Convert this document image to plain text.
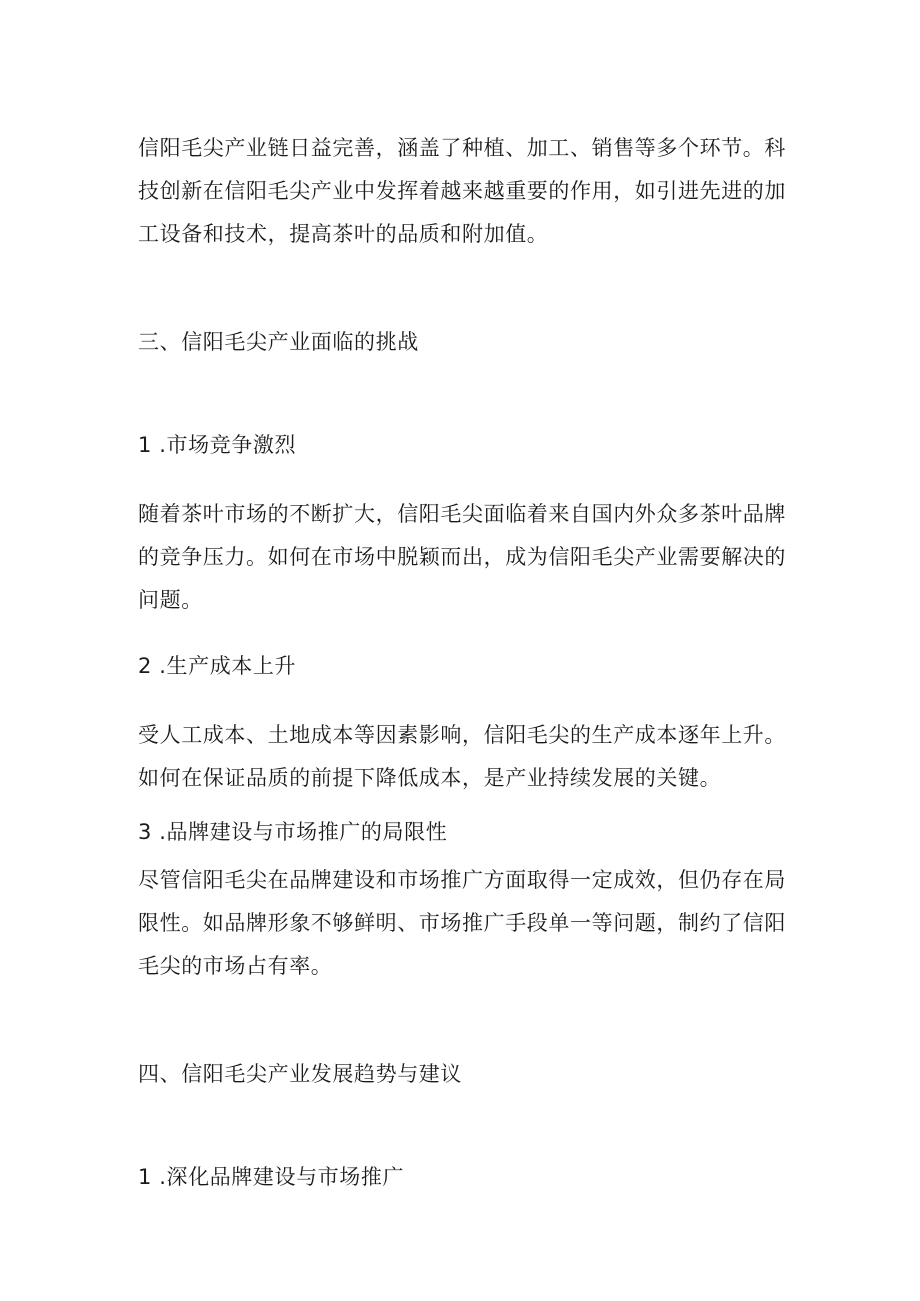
信阳毛尖产业链日益完善，涵盖了种植、加工、销售等多个环节。科
技创新在信阳毛尖产业中发挥着越来越重要的作用，如引进先进的加
工设备和技术，提高茶叶的品质和附加值。

三、信阳毛尖产业面临的挑战

1 .市场竞争激烈

随着茶叶市场的不断扩大，信阳毛尖面临着来自国内外众多茶叶品牌
的竞争压力。如何在市场中脱颖而出，成为信阳毛尖产业需要解决的
问题。

2 .生产成本上升

受人工成本、土地成本等因素影响，信阳毛尖的生产成本逐年上升。
如何在保证品质的前提下降低成本，是产业持续发展的关键。

3 .品牌建设与市场推广的局限性

尽管信阳毛尖在品牌建设和市场推广方面取得一定成效，但仍存在局
限性。如品牌形象不够鲜明、市场推广手段单一等问题，制约了信阳
毛尖的市场占有率。

四、信阳毛尖产业发展趋势与建议

1 .深化品牌建设与市场推广
